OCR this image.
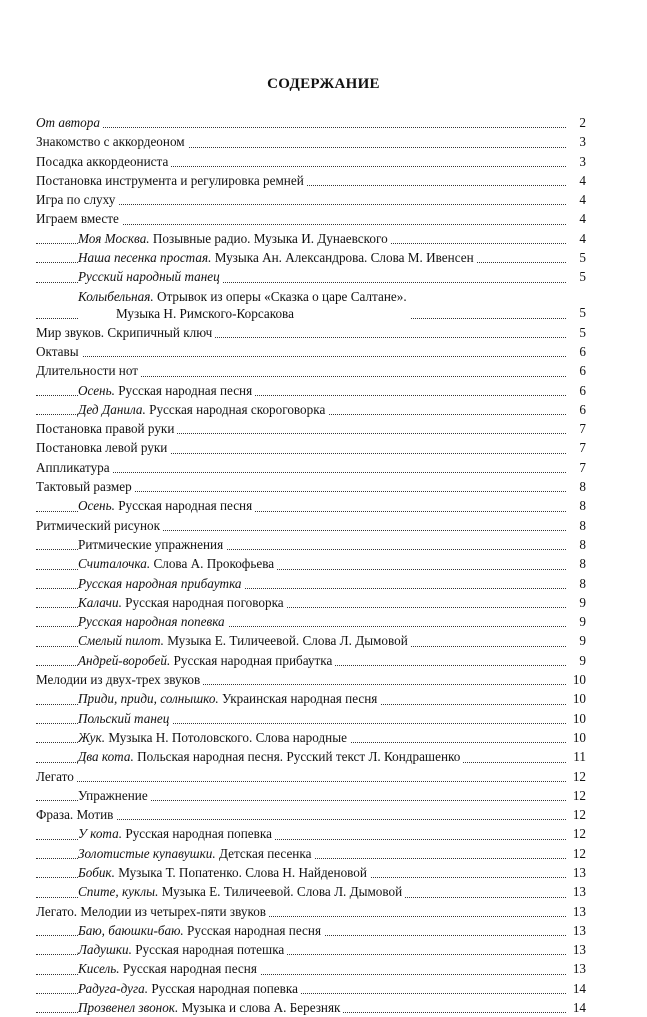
СОДЕРЖАНИЕ
От автора	2
Знакомство с аккордеоном	3
Посадка аккордеониста	3
Постановка инструмента и регулировка ремней	4
Игра по слуху	4
Играем вместе	4
Моя Москва. Позывные радио. Музыка И. Дунаевского	4
Наша песенка простая. Музыка Ан. Александрова. Слова М. Ивенсен	5
Русский народный танец	5
Колыбельная. Отрывок из оперы «Сказка о царе Салтане».
Музыка Н. Римского-Корсакова	5
Мир звуков. Скрипичный ключ	5
Октавы	6
Длительности нот	6
Осень. Русская народная песня	6
Дед Данила. Русская народная скороговорка	6
Постановка правой руки	7
Постановка левой руки	7
Аппликатура	7
Тактовый размер	8
Осень. Русская народная песня	8
Ритмический рисунок	8
Ритмические упражнения	8
Считалочка. Слова А. Прокофьева	8
Русская народная прибаутка	8
Калачи. Русская народная поговорка	9
Русская народная попевка	9
Смелый пилот. Музыка Е. Тиличеевой. Слова Л. Дымовой	9
Андрей-воробей. Русская народная прибаутка	9
Мелодии из двух-трех звуков	10
Приди, приди, солнышко. Украинская народная песня	10
Польский танец	10
Жук. Музыка Н. Потоловского. Слова народные	10
Два кота. Польская народная песня. Русский текст Л. Кондрашенко	11
Легато	12
Упражнение	12
Фраза. Мотив	12
У кота. Русская народная попевка	12
Золотистые купавушки. Детская песенка	12
Бобик. Музыка Т. Попатенко. Слова Н. Найденовой	13
Спите, куклы. Музыка Е. Тиличеевой. Слова Л. Дымовой	13
Легато. Мелодии из четырех-пяти звуков	13
Баю, баюшки-баю. Русская народная песня	13
Ладушки. Русская народная потешка	13
Кисель. Русская народная песня	13
Радуга-дуга. Русская народная попевка	14
Прозвенел звонок. Музыка и слова А. Березняк	14
